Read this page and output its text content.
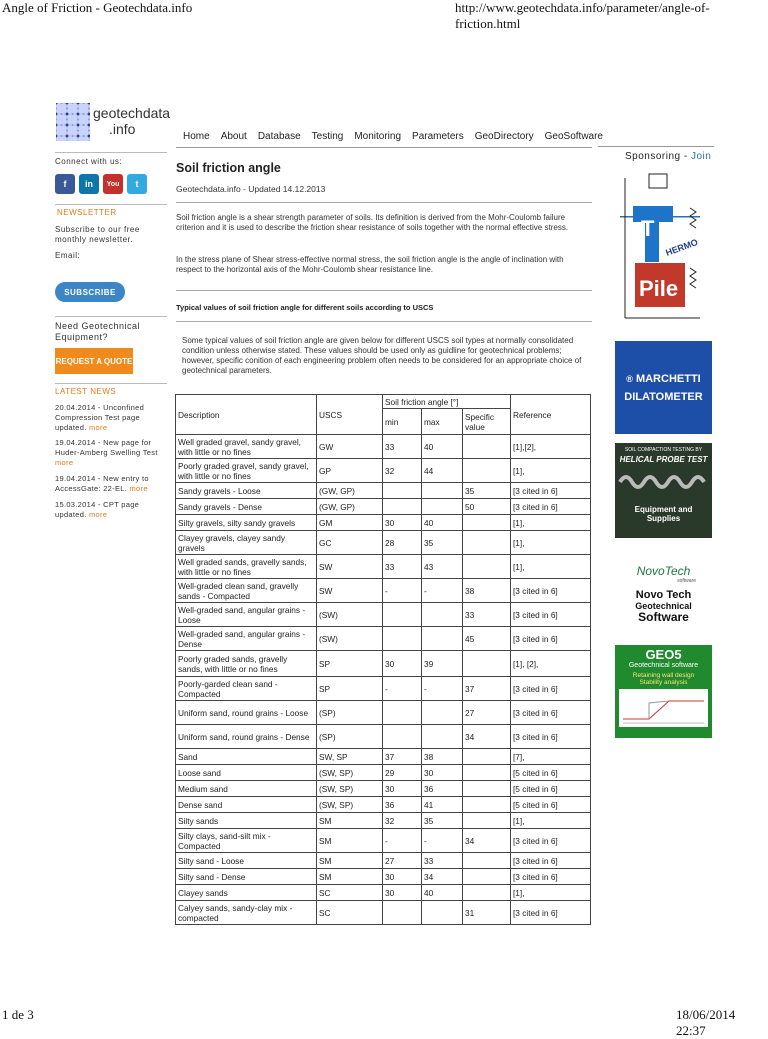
Angle of Friction - Geotechdata.info	http://www.geotechdata.info/parameter/angle-of-friction.html
1 de 3	18/06/2014 22:37
geotechdata
.info	Home About Database Testing Monitoring Parameters GeoDirectory GeoSoftware
Connect with us:
f	in	You	t
NEWSLETTER
Subscribe to our free monthly newsletter.
Email:
SUBSCRIBE
Need Geotechnical Equipment?
REQUEST A QUOTE
LATEST NEWS
20.04.2014 - Unconfined Compression Test page updated. more
19.04.2014 - New page for Huder-Amberg Swelling Test more
19.04.2014 - New entry to AccessGate: 22-EL. more
15.03.2014 - CPT page updated. more
Soil friction angle
Geotechdata.info - Updated 14.12.2013
Soil friction angle is a shear strength parameter of soils. Its definition is derived from the Mohr-Coulomb failure criterion and it is used to describe the friction shear resistance of soils together with the normal effective stress.
In the stress plane of Shear stress-effective normal stress, the soil friction angle is the angle of inclination with respect to the horizontal axis of the Mohr-Coulomb shear resistance line.
Typical values of soil friction angle for different soils according to USCS
Some typical values of soil friction angle are given below for different USCS soil types at normally consolidated condition unless otherwise stated. These values should be used only as guidline for geotechnical problems; however, specific conition of each engineering problem often needs to be considered for an appropriate choice of geotechnical parameters.
Description	USCS	Soil friction angle [°]			Reference
		min	max	Specific value	
Well graded gravel, sandy gravel, with little or no fines	GW	33	40		[1],[2],
Poorly graded gravel, sandy gravel, with little or no fines	GP	32	44		[1],
Sandy gravels - Loose	(GW, GP)			35	[3 cited in 6]
Sandy gravels - Dense	(GW, GP)			50	[3 cited in 6]
Silty gravels, silty sandy gravels	GM	30	40		[1],
Clayey gravels, clayey sandy gravels	GC	28	35		[1],
Well graded sands, gravelly sands, with little or no fines	SW	33	43		[1],
Well-graded clean sand, gravelly sands - Compacted	SW	-	-	38	[3 cited in 6]
Well-graded sand, angular grains - Loose	(SW)			33	[3 cited in 6]
Well-graded sand, angular grains - Dense	(SW)			45	[3 cited in 6]
Poorly graded sands, gravelly sands, with little or no fines	SP	30	39		[1], [2],
Poorly-garded clean sand - Compacted	SP	-	-	37	[3 cited in 6]
Uniform sand, round grains - Loose	(SP)			27	[3 cited in 6]
Uniform sand, round grains - Dense	(SP)			34	[3 cited in 6]
Sand	SW, SP	37	38		[7],
Loose sand	(SW, SP)	29	30		[5 cited in 6]
Medium sand	(SW, SP)	30	36		[5 cited in 6]
Dense sand	(SW, SP)	36	41		[5 cited in 6]
Silty sands	SM	32	35		[1],
Silty clays, sand-silt mix - Compacted	SM	-	-	34	[3 cited in 6]
Silty sand - Loose	SM	27	33		[3 cited in 6]
Silty sand - Dense	SM	30	34		[3 cited in 6]
Clayey sands	SC	30	40		[1],
Calyey sands, sandy-clay mix - compacted	SC			31	[3 cited in 6]
Sponsoring - Join
T
HERMO
Pile
® MARCHETTI
DILATOMETER
SOIL COMPACTION TESTING BY
HELICAL PROBE TEST
Equipment and Supplies
NovoTech
software
Novo Tech
Geotechnical
Software
GEO5
Geotechnical software
Retaining wall design
Stability analysis
